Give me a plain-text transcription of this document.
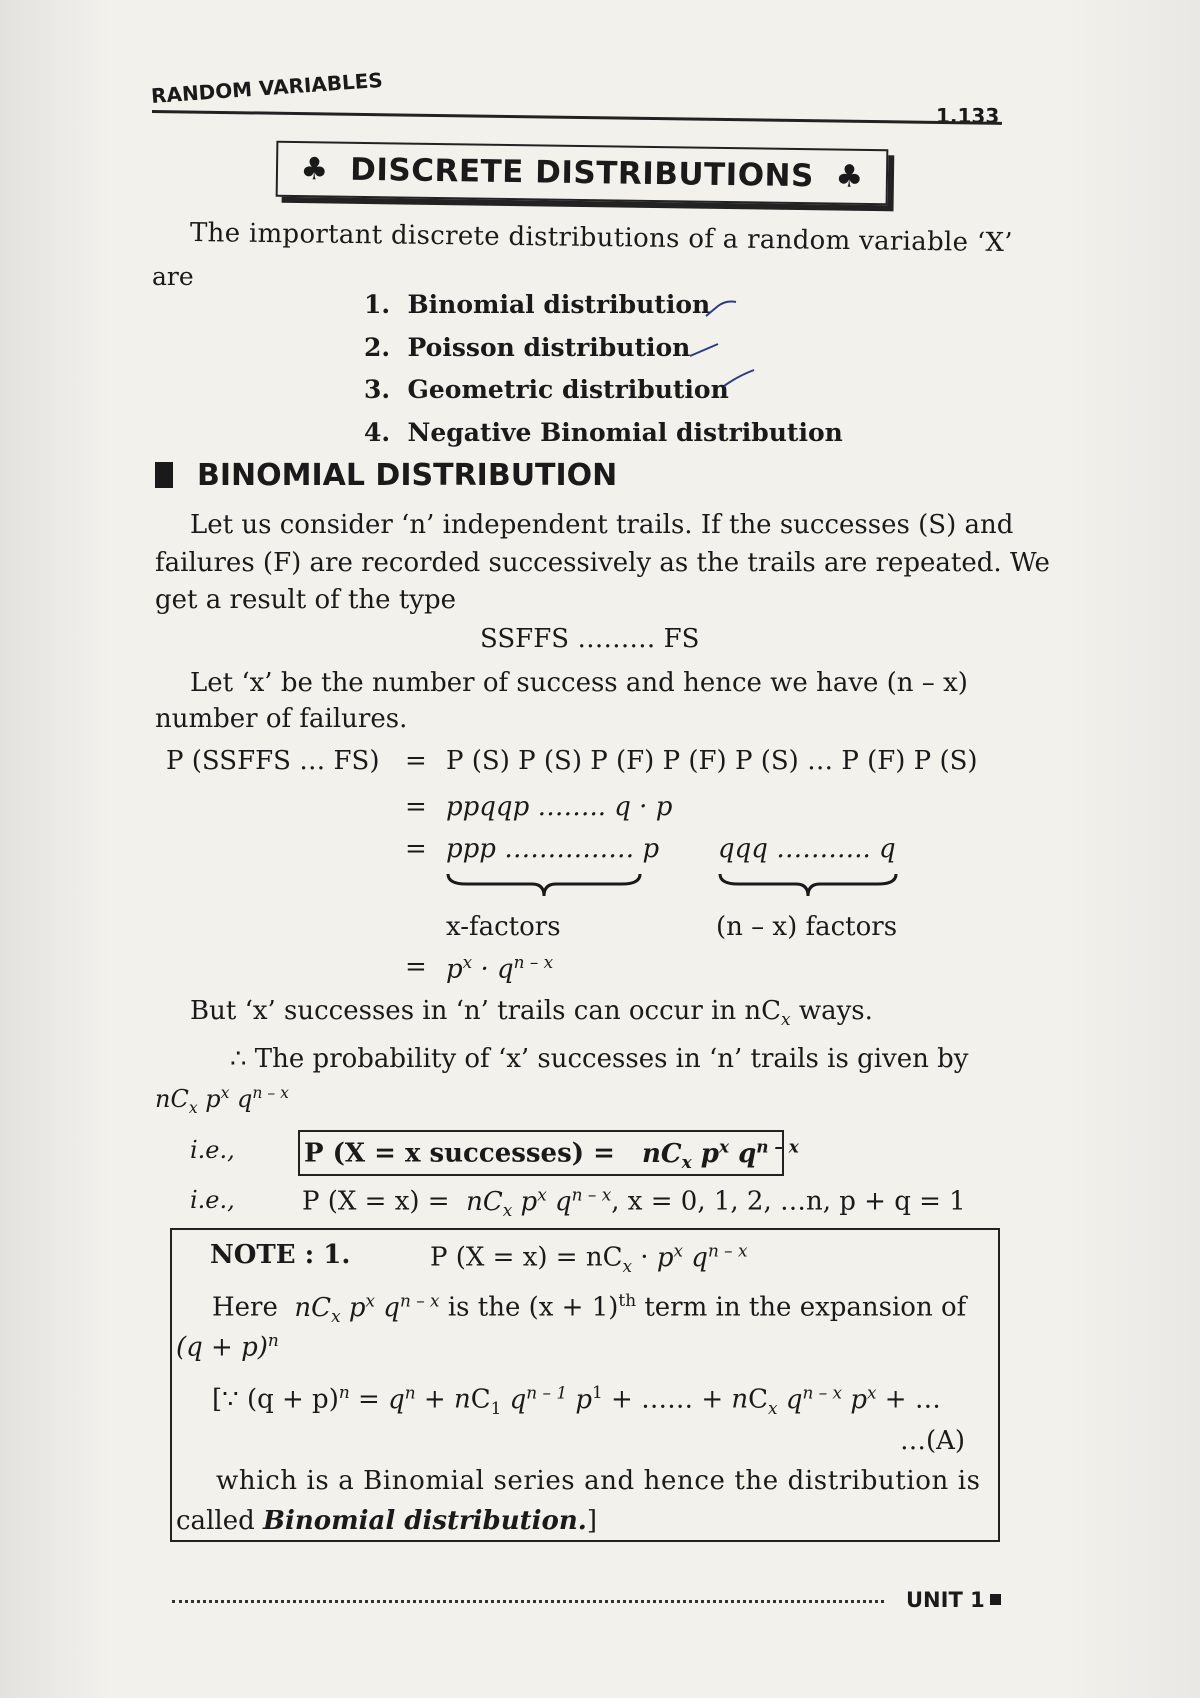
RANDOM VARIABLES
1.133
♣ DISCRETE DISTRIBUTIONS ♣
The important discrete distributions of a random variable ‘X’
are
1. Binomial distribution
2. Poisson distribution
3. Geometric distribution
4. Negative Binomial distribution
BINOMIAL DISTRIBUTION
Let us consider ‘n’ independent trails. If the successes (S) and
failures (F) are recorded successively as the trails are repeated. We
get a result of the type
SSFFS ……… FS
Let ‘x’ be the number of success and hence we have (n – x)
number of failures.
P (SSFFS … FS) = P (S) P (S) P (F) P (F) P (S) … P (F) P (S)
= ppqqp …….. q · p
= ppp …………… p qqq ……….. q
x-factors	(n – x) factors
= $p^x \cdot q^{n - x}$
But ‘x’ successes in ‘n’ trails can occur in $nC_x$ ways.
∴ The probability of ‘x’ successes in ‘n’ trails is given by
$nC_x$ $p^x$ $q^{n - x}$
i.e.,	P (X = x successes) = $nC_x$ $p^x$ $q^{n - x}$
i.e.,	P $(X = x) = nC_x$ $p^x$ $q^{n - x}$, x = 0, 1, 2, …n, p + q = 1
NOTE : 1.	P $(X = x) = nC_x \cdot p^x$ $q^{n - x}$
Here $nC_x$ $p^x$ $q^{n - x}$ is the $(x + 1)^{th}$ term in the expansion of
$(q + p)^n$
[∵ $(q + p)^n = q^n + nC_1$ $q^{n - 1}$ $p^1$ + …… + $nC_x$ $q^{n - x}$ $p^x$ + …
…(A)
which is a Binomial series and hence the distribution is
called Binomial distribution.]
UNIT 1
